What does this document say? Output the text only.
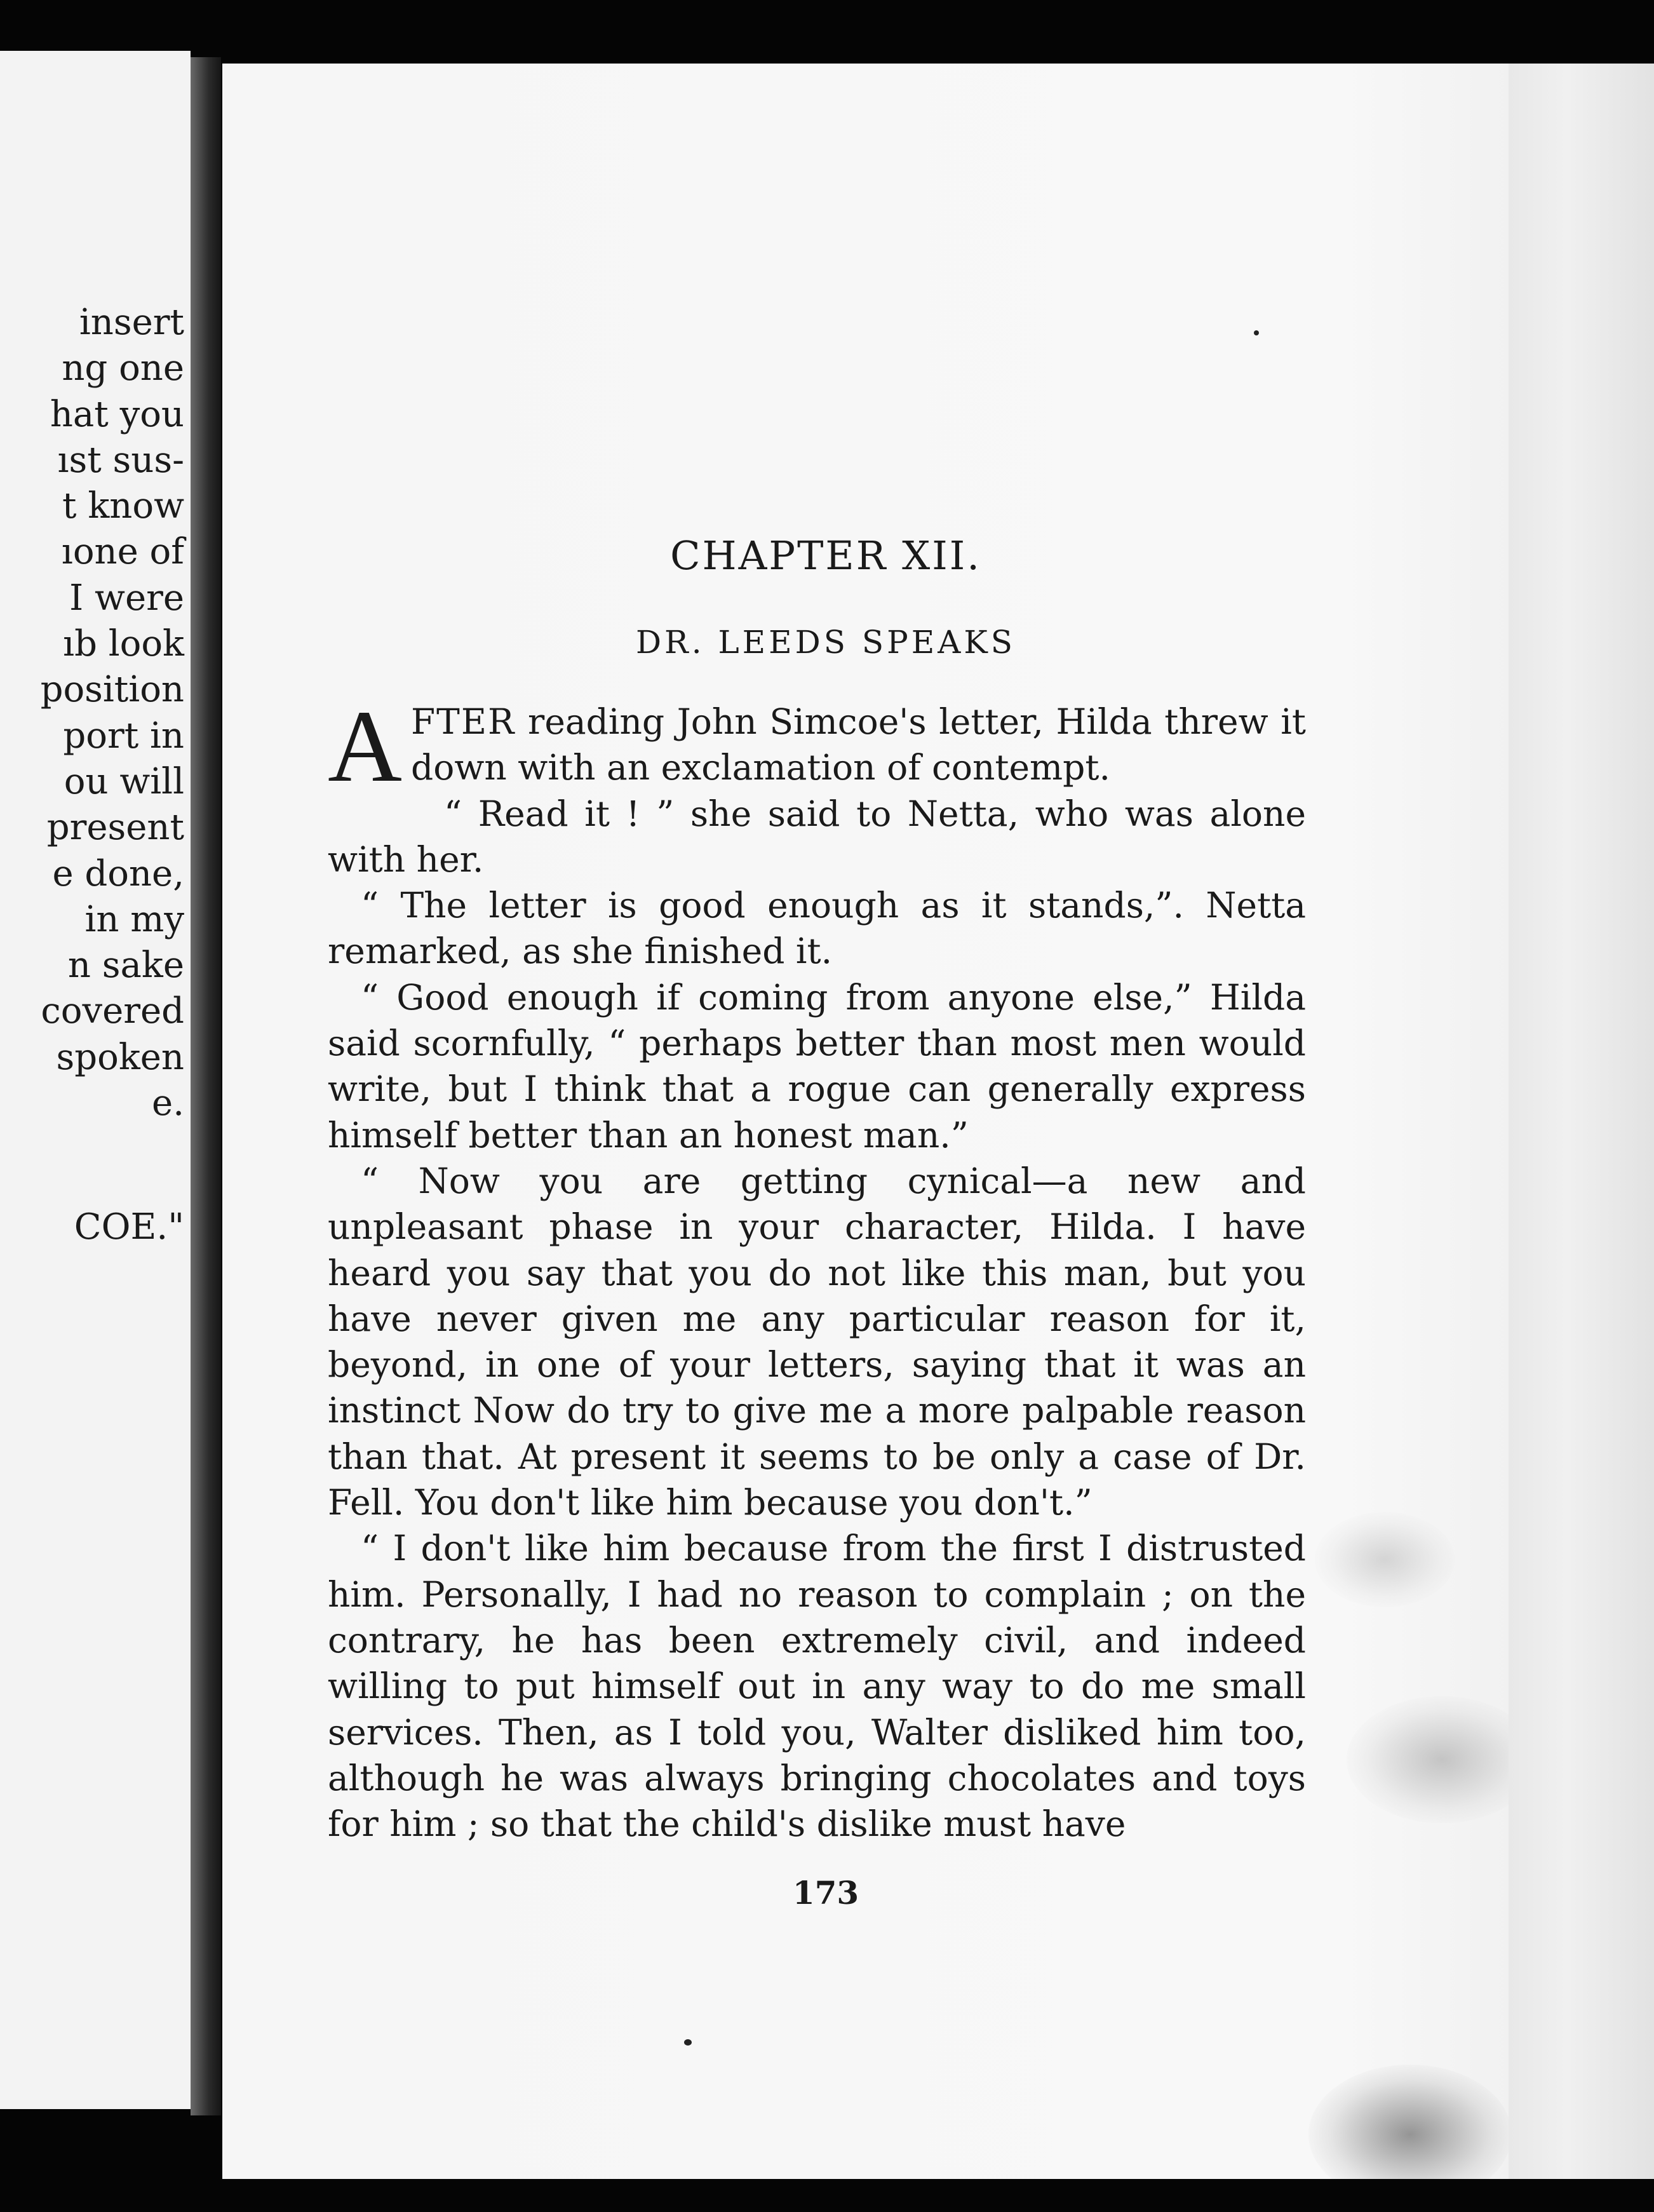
insert
ng one
hat you
ıst sus-
t know
ıone of
I were
ıb look
position
port in
ou will
present
e done,
in my
n sake
covered
spoken
e.
COE."
CHAPTER XII.
DR. LEEDS SPEAKS

AFTER reading John Simcoe's letter, Hilda threw it down with an exclamation of contempt.

“ Read it ! ” she said to Netta, who was alone with her.

“ The letter is good enough as it stands,”. Netta remarked, as she finished it.

“ Good enough if coming from anyone else,” Hilda said scornfully, “ perhaps better than most men would write, but I think that a rogue can generally express himself better than an honest man.”

“ Now you are getting cynical—a new and unpleasant phase in your character, Hilda. I have heard you say that you do not like this man, but you have never given me any particular reason for it, beyond, in one of your letters, saying that it was an instinct Now do try to give me a more palpable reason than that. At present it seems to be only a case of Dr. Fell. You don't like him because you don't.”

“ I don't like him because from the first I distrusted him. Personally, I had no reason to complain ; on the contrary, he has been extremely civil, and indeed willing to put himself out in any way to do me small services. Then, as I told you, Walter disliked him too, although he was always bringing chocolates and toys for him ; so that the child's dislike must have

173
